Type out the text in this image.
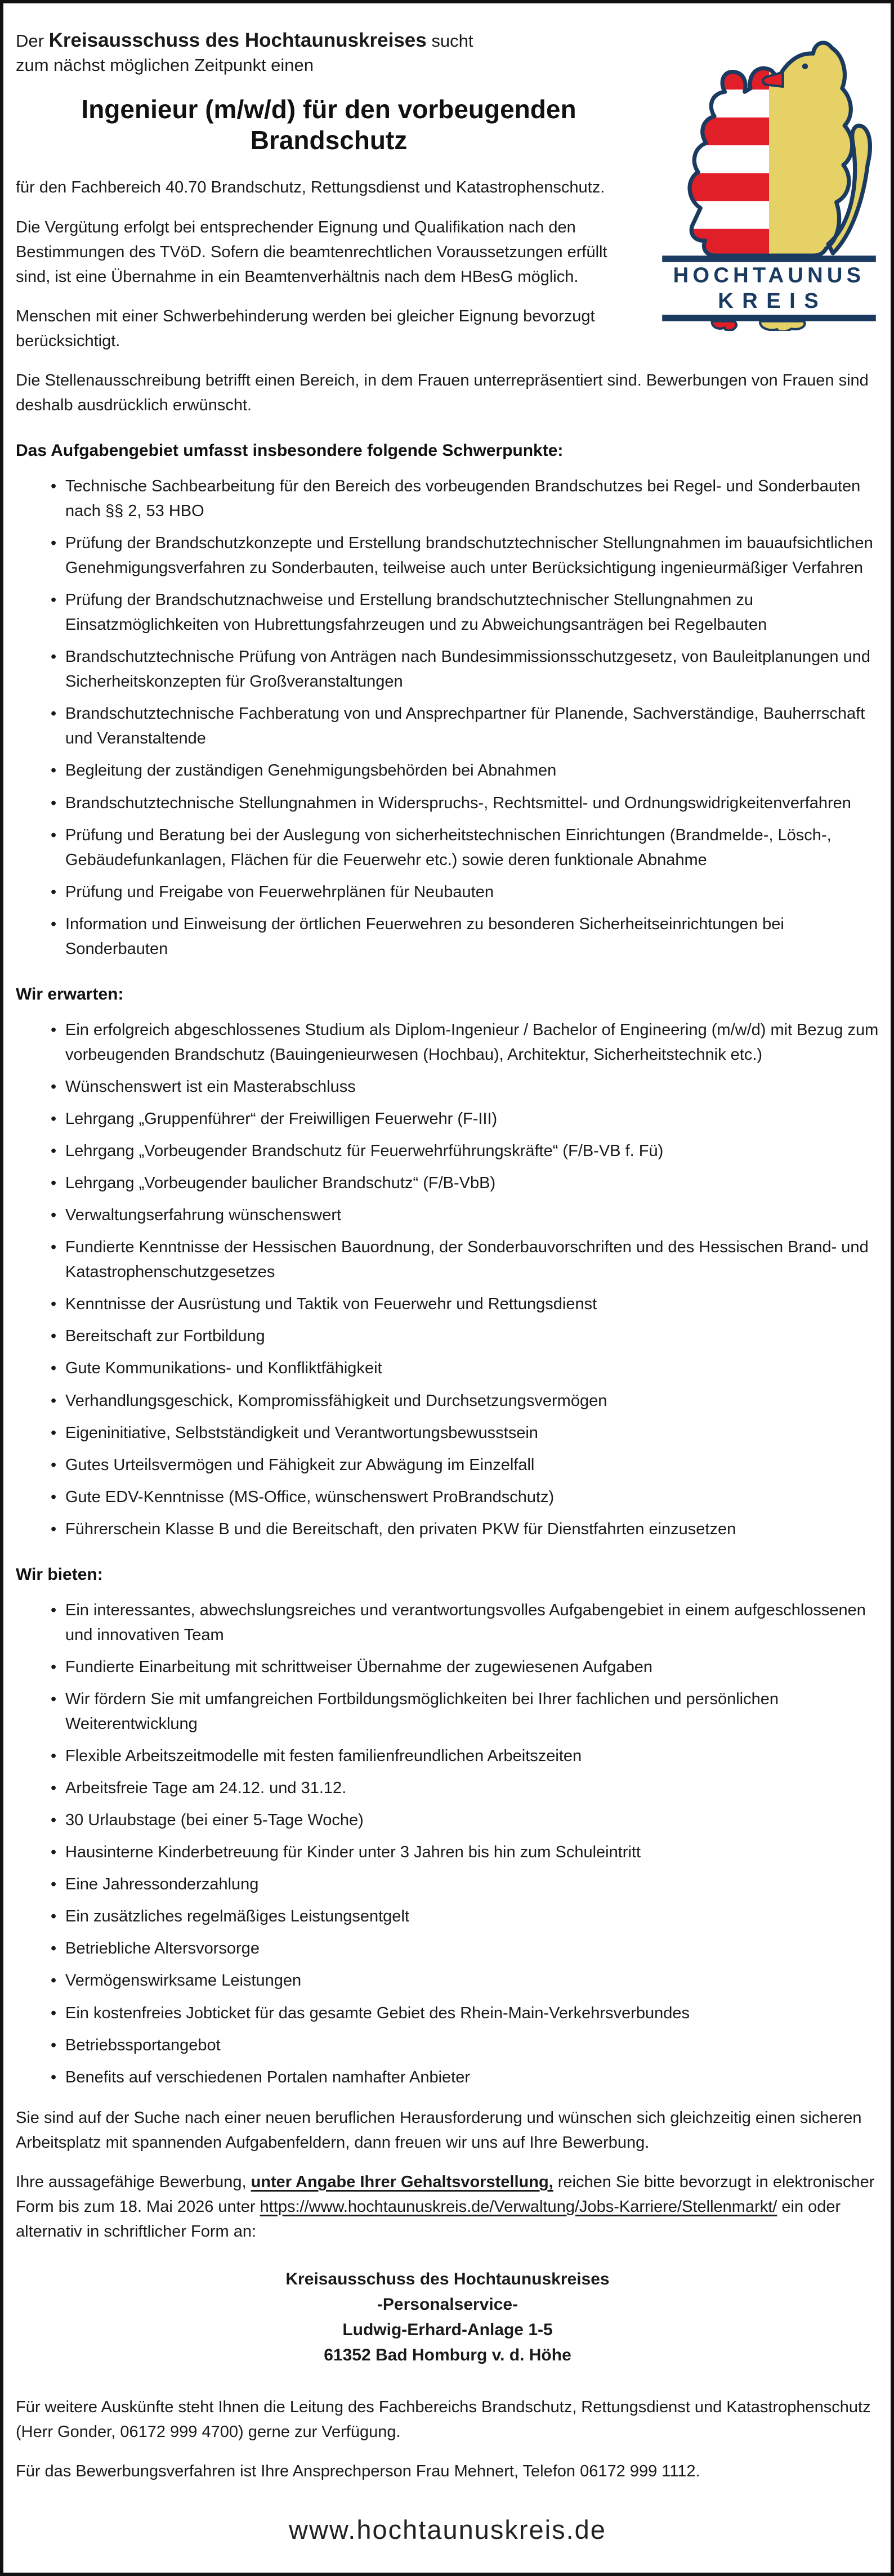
HOCHTAUNUS
KREIS

Der Kreisausschuss des Hochtaunuskreises sucht
zum nächst möglichen Zeitpunkt einen

Ingenieur (m/w/d) für den vorbeugenden
Brandschutz

für den Fachbereich 40.70 Brandschutz, Rettungsdienst und Katastrophenschutz.

Die Vergütung erfolgt bei entsprechender Eignung und Qualifikation nach den Bestimmungen des TVöD. Sofern die beamtenrechtlichen Voraussetzungen erfüllt sind, ist eine Übernahme in ein Beamtenverhältnis nach dem HBesG möglich.

Menschen mit einer Schwerbehinderung werden bei gleicher Eignung bevorzugt berücksichtigt.

Die Stellenausschreibung betrifft einen Bereich, in dem Frauen unterrepräsentiert sind. Bewerbungen von Frauen sind deshalb ausdrücklich erwünscht.

Das Aufgabengebiet umfasst insbesondere folgende Schwerpunkte:
• Technische Sachbearbeitung für den Bereich des vorbeugenden Brandschutzes bei Regel- und Sonderbauten nach §§ 2, 53 HBO
• Prüfung der Brandschutzkonzepte und Erstellung brandschutztechnischer Stellungnahmen im bauaufsichtlichen Genehmigungsverfahren zu Sonderbauten, teilweise auch unter Berücksichtigung ingenieurmäßiger Verfahren
• Prüfung der Brandschutznachweise und Erstellung brandschutztechnischer Stellungnahmen zu Einsatzmöglichkeiten von Hubrettungsfahrzeugen und zu Abweichungsanträgen bei Regelbauten
• Brandschutztechnische Prüfung von Anträgen nach Bundesimmissionsschutzgesetz, von Bauleitplanungen und Sicherheitskonzepten für Großveranstaltungen
• Brandschutztechnische Fachberatung von und Ansprechpartner für Planende, Sachverständige, Bauherrschaft und Veranstaltende
• Begleitung der zuständigen Genehmigungsbehörden bei Abnahmen
• Brandschutztechnische Stellungnahmen in Widerspruchs-, Rechtsmittel- und Ordnungswidrigkeitenverfahren
• Prüfung und Beratung bei der Auslegung von sicherheitstechnischen Einrichtungen (Brandmelde-, Lösch-, Gebäudefunkanlagen, Flächen für die Feuerwehr etc.) sowie deren funktionale Abnahme
• Prüfung und Freigabe von Feuerwehrplänen für Neubauten
• Information und Einweisung der örtlichen Feuerwehren zu besonderen Sicherheitseinrichtungen bei Sonderbauten
Wir erwarten:
• Ein erfolgreich abgeschlossenes Studium als Diplom-Ingenieur / Bachelor of Engineering (m/w/d) mit Bezug zum vorbeugenden Brandschutz (Bauingenieurwesen (Hochbau), Architektur, Sicherheitstechnik etc.)
• Wünschenswert ist ein Masterabschluss
• Lehrgang „Gruppenführer“ der Freiwilligen Feuerwehr (F-III)
• Lehrgang „Vorbeugender Brandschutz für Feuerwehrführungskräfte“ (F/B-VB f. Fü)
• Lehrgang „Vorbeugender baulicher Brandschutz“ (F/B-VbB)
• Verwaltungserfahrung wünschenswert
• Fundierte Kenntnisse der Hessischen Bauordnung, der Sonderbauvorschriften und des Hessischen Brand- und Katastrophenschutzgesetzes
• Kenntnisse der Ausrüstung und Taktik von Feuerwehr und Rettungsdienst
• Bereitschaft zur Fortbildung
• Gute Kommunikations- und Konfliktfähigkeit
• Verhandlungsgeschick, Kompromissfähigkeit und Durchsetzungsvermögen
• Eigeninitiative, Selbstständigkeit und Verantwortungsbewusstsein
• Gutes Urteilsvermögen und Fähigkeit zur Abwägung im Einzelfall
• Gute EDV-Kenntnisse (MS-Office, wünschenswert ProBrandschutz)
• Führerschein Klasse B und die Bereitschaft, den privaten PKW für Dienstfahrten einzusetzen
Wir bieten:
• Ein interessantes, abwechslungsreiches und verantwortungsvolles Aufgabengebiet in einem aufgeschlossenen und innovativen Team
• Fundierte Einarbeitung mit schrittweiser Übernahme der zugewiesenen Aufgaben
• Wir fördern Sie mit umfangreichen Fortbildungsmöglichkeiten bei Ihrer fachlichen und persönlichen Weiterentwicklung
• Flexible Arbeitszeitmodelle mit festen familienfreundlichen Arbeitszeiten
• Arbeitsfreie Tage am 24.12. und 31.12.
• 30 Urlaubstage (bei einer 5-Tage Woche)
• Hausinterne Kinderbetreuung für Kinder unter 3 Jahren bis hin zum Schuleintritt
• Eine Jahressonderzahlung
• Ein zusätzliches regelmäßiges Leistungsentgelt
• Betriebliche Altersvorsorge
• Vermögenswirksame Leistungen
• Ein kostenfreies Jobticket für das gesamte Gebiet des Rhein-Main-Verkehrsverbundes
• Betriebssportangebot
• Benefits auf verschiedenen Portalen namhafter Anbieter

Sie sind auf der Suche nach einer neuen beruflichen Herausforderung und wünschen sich gleichzeitig einen sicheren Arbeitsplatz mit spannenden Aufgabenfeldern, dann freuen wir uns auf Ihre Bewerbung.

Ihre aussagefähige Bewerbung, unter Angabe Ihrer Gehaltsvorstellung, reichen Sie bitte bevorzugt in elektronischer Form bis zum 18. Mai 2026 unter https://www.hochtaunuskreis.de/Verwaltung/Jobs-Karriere/Stellenmarkt/ ein oder alternativ in schriftlicher Form an:

Kreisausschuss des Hochtaunuskreises
-Personalservice-
Ludwig-Erhard-Anlage 1-5
61352 Bad Homburg v. d. Höhe

Für weitere Auskünfte steht Ihnen die Leitung des Fachbereichs Brandschutz, Rettungsdienst und Katastrophenschutz (Herr Gonder, 06172 999 4700) gerne zur Verfügung.

Für das Bewerbungsverfahren ist Ihre Ansprechperson Frau Mehnert, Telefon 06172 999 1112.

www.hochtaunuskreis.de
